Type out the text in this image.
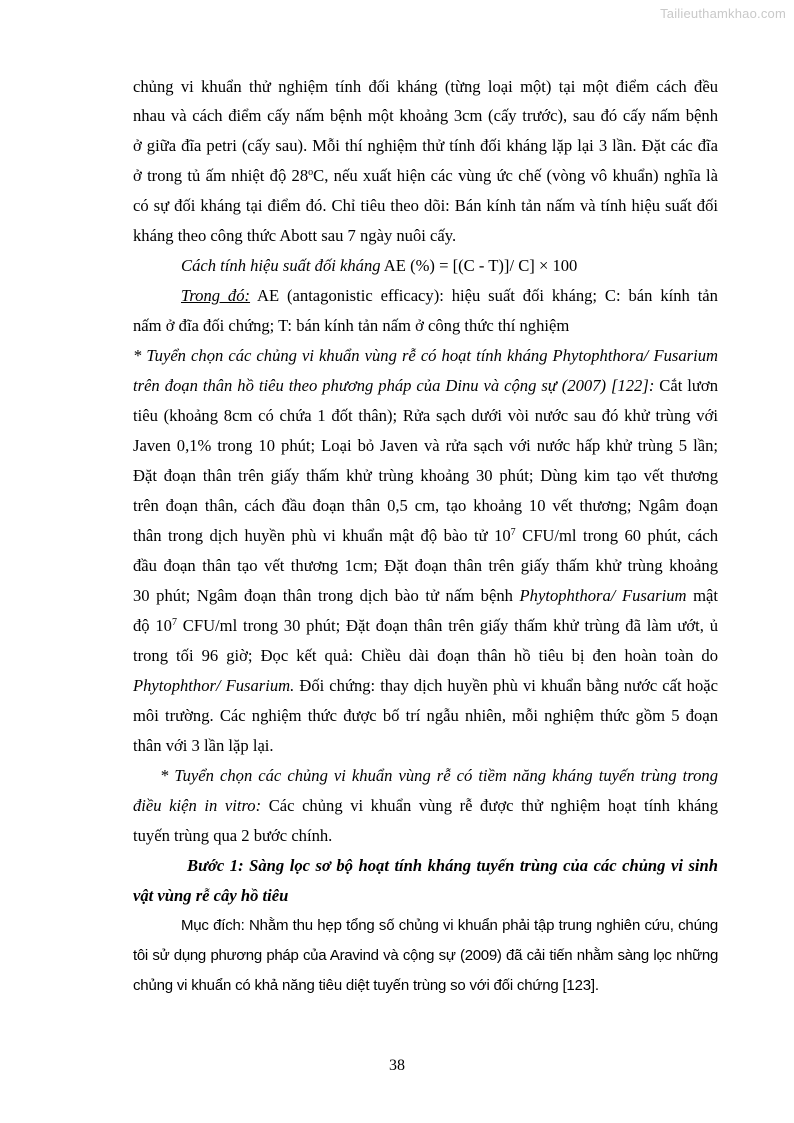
Tailieuthamkhao.com
chủng vi khuẩn thử nghiệm tính đối kháng (từng loại một) tại một điểm cách đều
nhau và cách điểm cấy nấm bệnh một khoảng 3cm (cấy trước), sau đó cấy nấm bệnh
ở giữa đĩa petri (cấy sau). Mỗi thí nghiệm thử tính đối kháng lặp lại 3 lần. Đặt các đĩa
ở trong tủ ấm nhiệt độ 28$^o$C, nếu xuất hiện các vùng ức chế (vòng vô khuẩn) nghĩa là
có sự đối kháng tại điểm đó. Chỉ tiêu theo dõi: Bán kính tản nấm và tính hiệu suất đối
kháng theo công thức Abott sau 7 ngày nuôi cấy.
Cách tính hiệu suất đối kháng AE (%) = [(C - T)]/ C] × 100
Trong đó: AE (antagonistic efficacy): hiệu suất đối kháng; C: bán kính tản
nấm ở đĩa đối chứng; T: bán kính tản nấm ở công thức thí nghiệm
* Tuyển chọn các chủng vi khuẩn vùng rễ có hoạt tính kháng Phytophthora/ Fusarium
trên đoạn thân hồ tiêu theo phương pháp của Dinu và cộng sự (2007) [122]: Cắt lươn
tiêu (khoảng 8cm có chứa 1 đốt thân); Rửa sạch dưới vòi nước sau đó khử trùng với
Javen 0,1% trong 10 phút; Loại bỏ Javen và rửa sạch với nước hấp khử trùng 5 lần;
Đặt đoạn thân trên giấy thấm khử trùng khoảng 30 phút; Dùng kim tạo vết thương
trên đoạn thân, cách đầu đoạn thân 0,5 cm, tạo khoảng 10 vết thương; Ngâm đoạn
thân trong dịch huyền phù vi khuẩn mật độ bào tử $10^7$ CFU/ml trong 60 phút, cách
đầu đoạn thân tạo vết thương 1cm; Đặt đoạn thân trên giấy thấm khử trùng khoảng
30 phút; Ngâm đoạn thân trong dịch bào tử nấm bệnh Phytophthora/ Fusarium mật
độ $10^7$ CFU/ml trong 30 phút; Đặt đoạn thân trên giấy thấm khử trùng đã làm ướt, ủ
trong tối 96 giờ; Đọc kết quả: Chiều dài đoạn thân hồ tiêu bị đen hoàn toàn do
Phytophthor/ Fusarium. Đối chứng: thay dịch huyền phù vi khuẩn bằng nước cất hoặc
môi trường. Các nghiệm thức được bố trí ngẫu nhiên, mỗi nghiệm thức gồm 5 đoạn
thân với 3 lần lặp lại.
* Tuyển chọn các chủng vi khuẩn vùng rễ có tiềm năng kháng tuyến trùng trong
điều kiện in vitro: Các chủng vi khuẩn vùng rễ được thử nghiệm hoạt tính kháng
tuyến trùng qua 2 bước chính.
Bước 1: Sàng lọc sơ bộ hoạt tính kháng tuyến trùng của các chủng vi sinh
vật vùng rễ cây hồ tiêu
Mục đích: Nhằm thu hẹp tổng số chủng vi khuẩn phải tập trung nghiên cứu, chúng
tôi sử dụng phương pháp của Aravind và cộng sự (2009) đã cải tiến nhằm sàng lọc những
chủng vi khuẩn có khả năng tiêu diệt tuyến trùng so với đối chứng [123].
38
